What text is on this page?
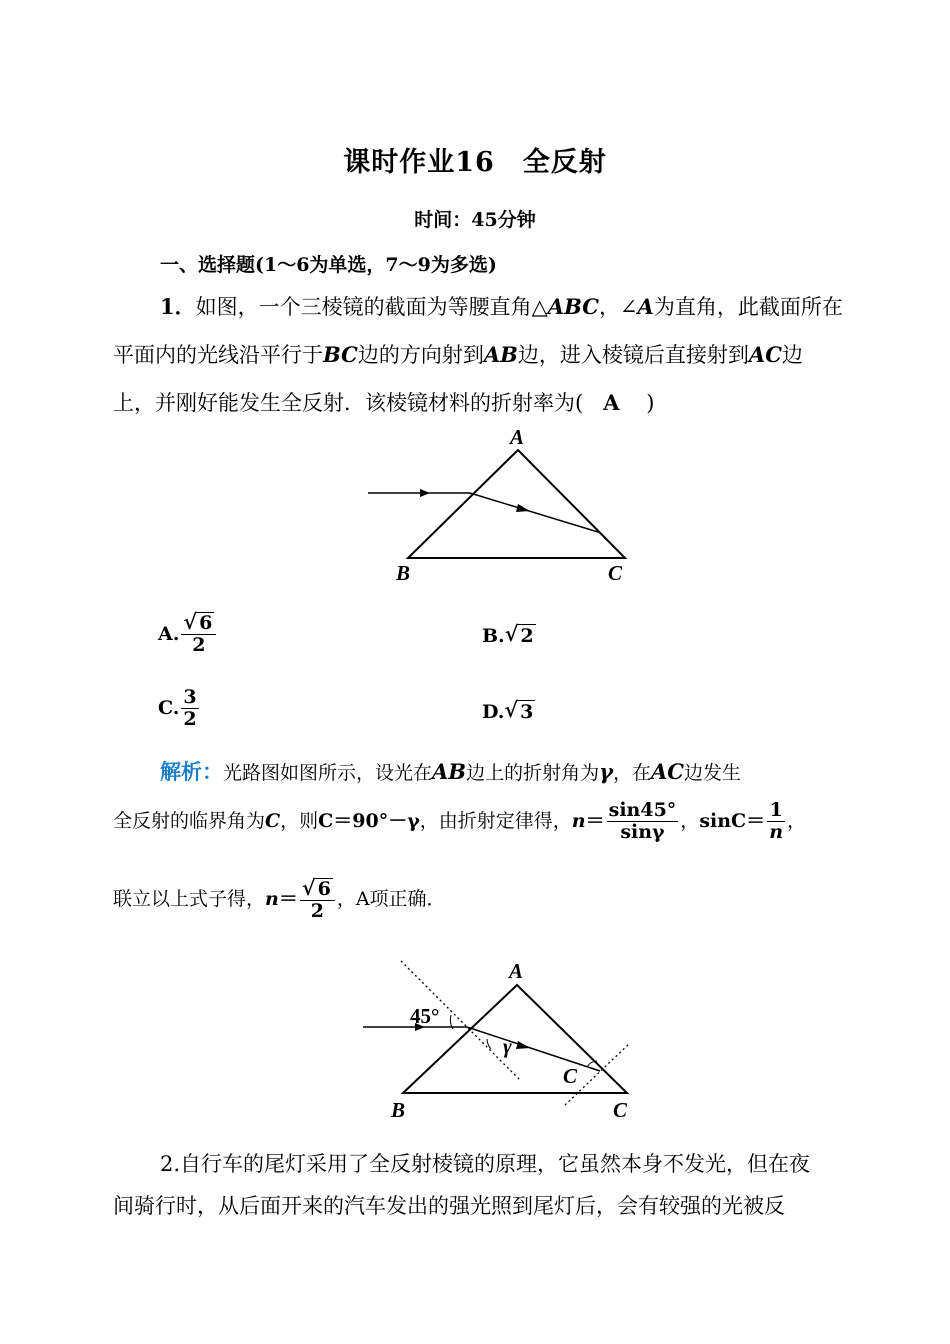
课时作业16　全反射
时间：45分钟
一、选择题(1～6为单选，7～9为多选)
1．如图，一个三棱镜的截面为等腰直角△ABC，∠A为直角，此截面所在平面内的光线沿平行于BC边的方向射到AB边，进入棱镜后直接射到AC边上，并刚好能发生全反射．该棱镜材料的折射率为( A )
A
B	C
A. $\frac{√ 6}{2}$	B. √ 2
C. $\frac{3}{2}$	D. √ 3
解析：光路图如图所示，设光在AB边上的折射角为γ，在AC边发生
全反射的临界角为 C ，则 C＝90°－γ ，由折射定律得， $n = \frac{\sin 45^\circ}{\sin\gamma}$ ， $\sin C = \frac{1}{n}$ ，
联立以上式子得， $n = \frac{√ 6}{2}$ ，A项正确．
A
B	C
45°
γ
C
2.自行车的尾灯采用了全反射棱镜的原理，它虽然本身不发光，但在夜
间骑行时，从后面开来的汽车发出的强光照到尾灯后，会有较强的光被反
